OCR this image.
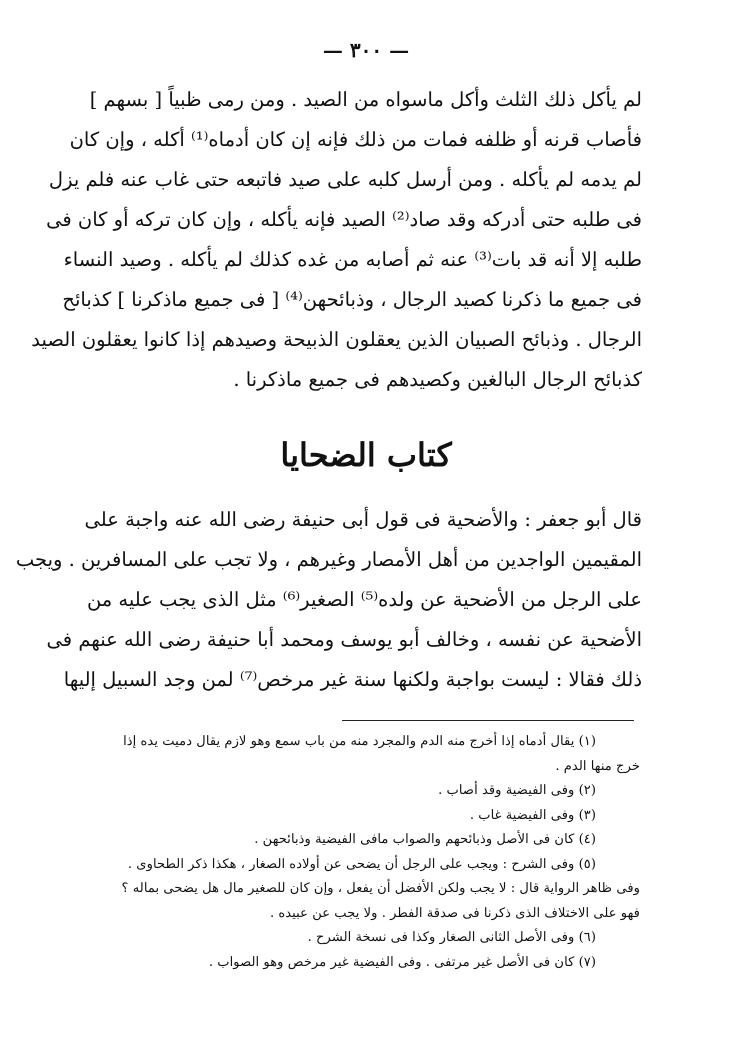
— ٣٠٠ —
لم يأكل ذلك الثلث وأكل ماسواه من الصيد . ومن رمى ظبياً [ بسهم ]
فأصاب قرنه أو ظلفه فمات من ذلك فإنه إن كان أدماه⁽¹⁾ أكله ، وإن كان
لم يدمه لم يأكله . ومن أرسل كلبه على صيد فاتبعه حتى غاب عنه فلم يزل
فى طلبه حتى أدركه وقد صاد⁽²⁾ الصيد فإنه يأكله ، وإن كان تركه أو كان فى
طلبه إلا أنه قد بات⁽³⁾ عنه ثم أصابه من غده كذلك لم يأكله . وصيد النساء
فى جميع ما ذكرنا كصيد الرجال ، وذبائحهن⁽⁴⁾ [ فى جميع ماذكرنا ] كذبائح
الرجال . وذبائح الصبيان الذين يعقلون الذبيحة وصيدهم إذا كانوا يعقلون الصيد
كذبائح الرجال البالغين وكصيدهم فى جميع ماذكرنا .
كتاب الضحايا
قال أبو جعفر : والأضحية فى قول أبى حنيفة رضى الله عنه واجبة على
المقيمين الواجدين من أهل الأمصار وغيرهم ، ولا تجب على المسافرين . ويجب
على الرجل من الأضحية عن ولده⁽⁵⁾ الصغير⁽⁶⁾ مثل الذى يجب عليه من
الأضحية عن نفسه ، وخالف أبو يوسف ومحمد أبا حنيفة رضى الله عنهم فى
ذلك فقالا : ليست بواجبة ولكنها سنة غير مرخص⁽⁷⁾ لمن وجد السبيل إليها
(١) يقال أدماه إذا أخرج منه الدم والمجرد منه من باب سمع وهو لازم يقال دميت يده إذا
خرج منها الدم .
(٢) وفى الفيضية وقد أصاب .
(٣) وفى الفيضية غاب .
(٤) كان فى الأصل وذبائحهم والصواب مافى الفيضية وذبائحهن .
(٥) وفى الشرح : ويجب على الرجل أن يضحى عن أولاده الصغار ، هكذا ذكر الطحاوى .
وفى ظاهر الرواية قال : لا يجب ولكن الأفضل أن يفعل ، وإن كان للصغير مال هل يضحى بماله ؟
فهو على الاختلاف الذى ذكرنا فى صدقة الفطر . ولا يجب عن عبيده .
(٦) وفى الأصل الثانى الصغار وكذا فى نسخة الشرح .
(٧) كان فى الأصل غير مرتفى . وفى الفيضية غير مرخص وهو الصواب .
